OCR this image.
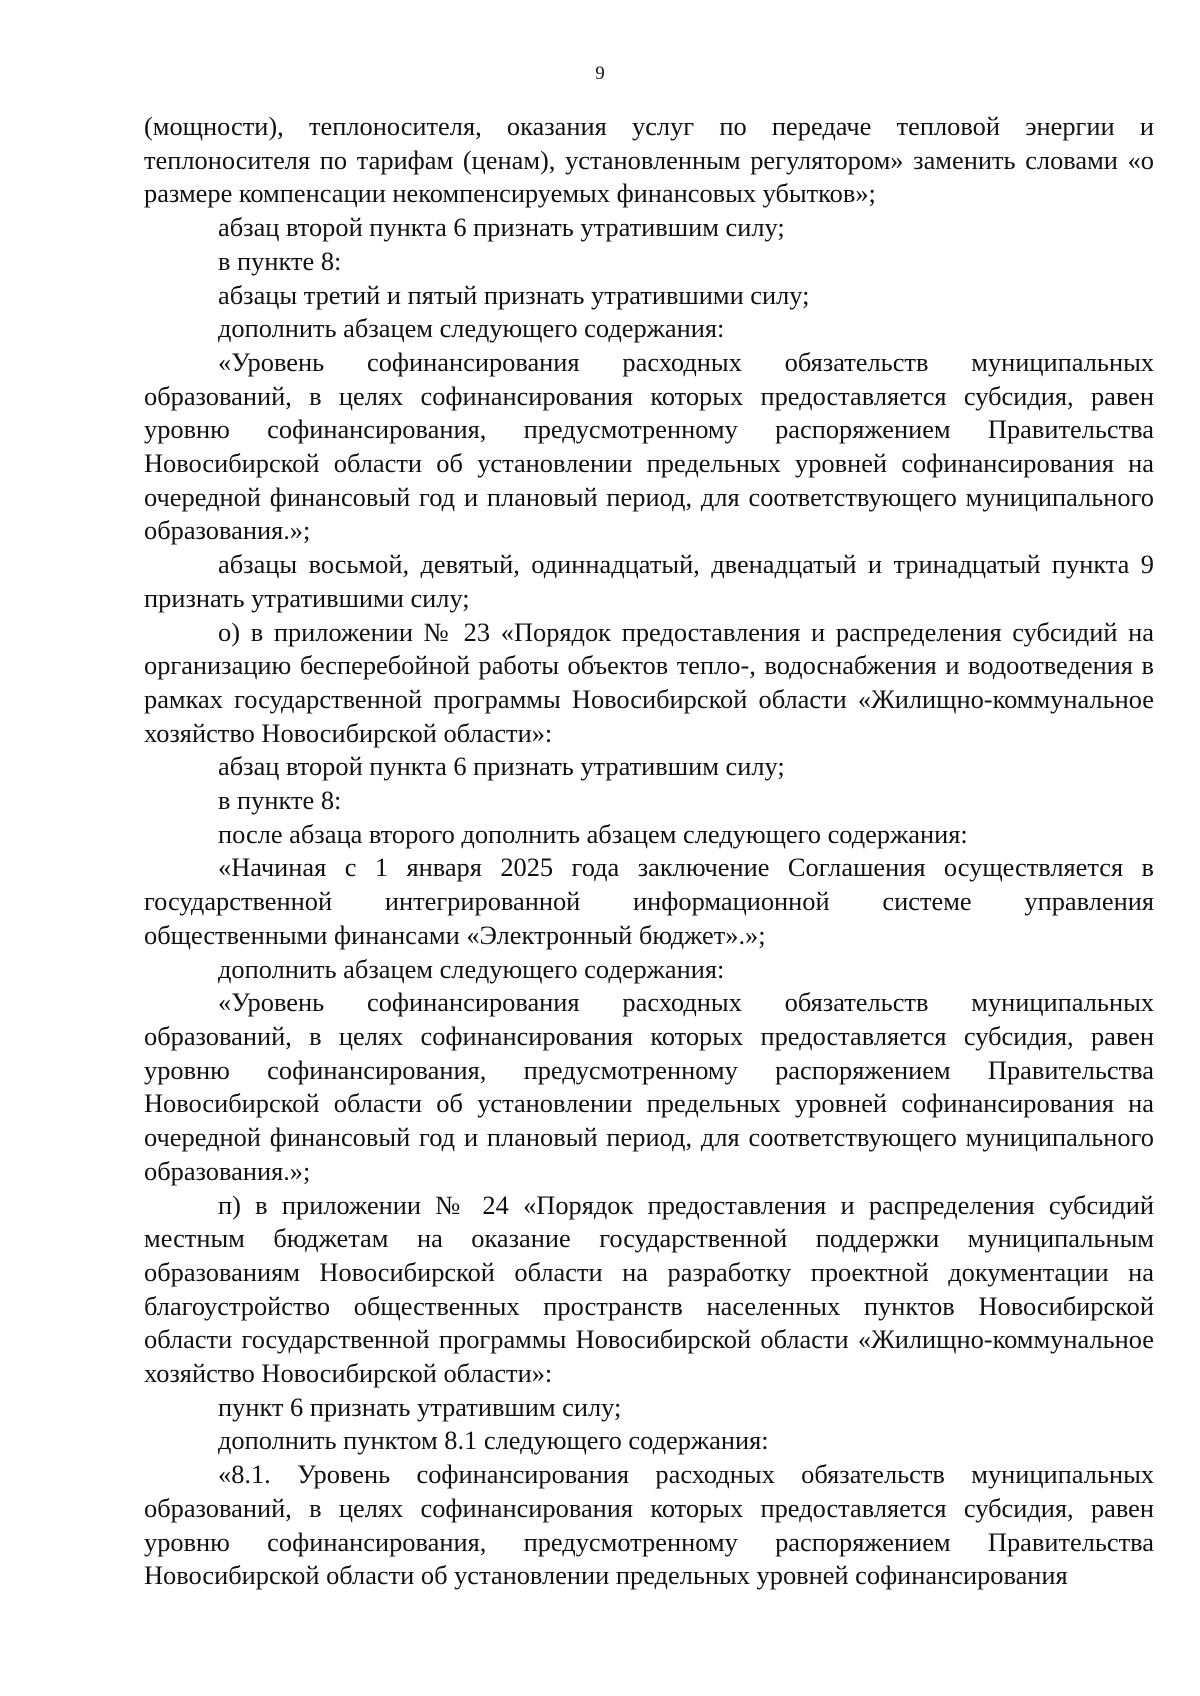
9

(мощности), теплоносителя, оказания услуг по передаче тепловой энергии и теплоносителя по тарифам (ценам), установленным регулятором» заменить словами «о размере компенсации некомпенсируемых финансовых убытков»;

абзац второй пункта 6 признать утратившим силу;

в пункте 8:

абзацы третий и пятый признать утратившими силу;

дополнить абзацем следующего содержания:

«Уровень софинансирования расходных обязательств муниципальных образований, в целях софинансирования которых предоставляется субсидия, равен уровню софинансирования, предусмотренному распоряжением Правительства Новосибирской области об установлении предельных уровней софинансирования на очередной финансовый год и плановый период, для соответствующего муниципального образования.»;

абзацы восьмой, девятый, одиннадцатый, двенадцатый и тринадцатый пункта 9 признать утратившими силу;

о) в приложении № 23 «Порядок предоставления и распределения субсидий на организацию бесперебойной работы объектов тепло-, водоснабжения и водоотведения в рамках государственной программы Новосибирской области «Жилищно-коммунальное хозяйство Новосибирской области»:

абзац второй пункта 6 признать утратившим силу;

в пункте 8:

после абзаца второго дополнить абзацем следующего содержания:

«Начиная с 1 января 2025 года заключение Соглашения осуществляется в государственной интегрированной информационной системе управления общественными финансами «Электронный бюджет».»;

дополнить абзацем следующего содержания:

«Уровень софинансирования расходных обязательств муниципальных образований, в целях софинансирования которых предоставляется субсидия, равен уровню софинансирования, предусмотренному распоряжением Правительства Новосибирской области об установлении предельных уровней софинансирования на очередной финансовый год и плановый период, для соответствующего муниципального образования.»;

п) в приложении № 24 «Порядок предоставления и распределения субсидий местным бюджетам на оказание государственной поддержки муниципальным образованиям Новосибирской области на разработку проектной документации на благоустройство общественных пространств населенных пунктов Новосибирской области государственной программы Новосибирской области «Жилищно-коммунальное хозяйство Новосибирской области»:

пункт 6 признать утратившим силу;

дополнить пунктом 8.1 следующего содержания:

«8.1. Уровень софинансирования расходных обязательств муниципальных образований, в целях софинансирования которых предоставляется субсидия, равен уровню софинансирования, предусмотренному распоряжением Правительства Новосибирской области об установлении предельных уровней софинансирования
